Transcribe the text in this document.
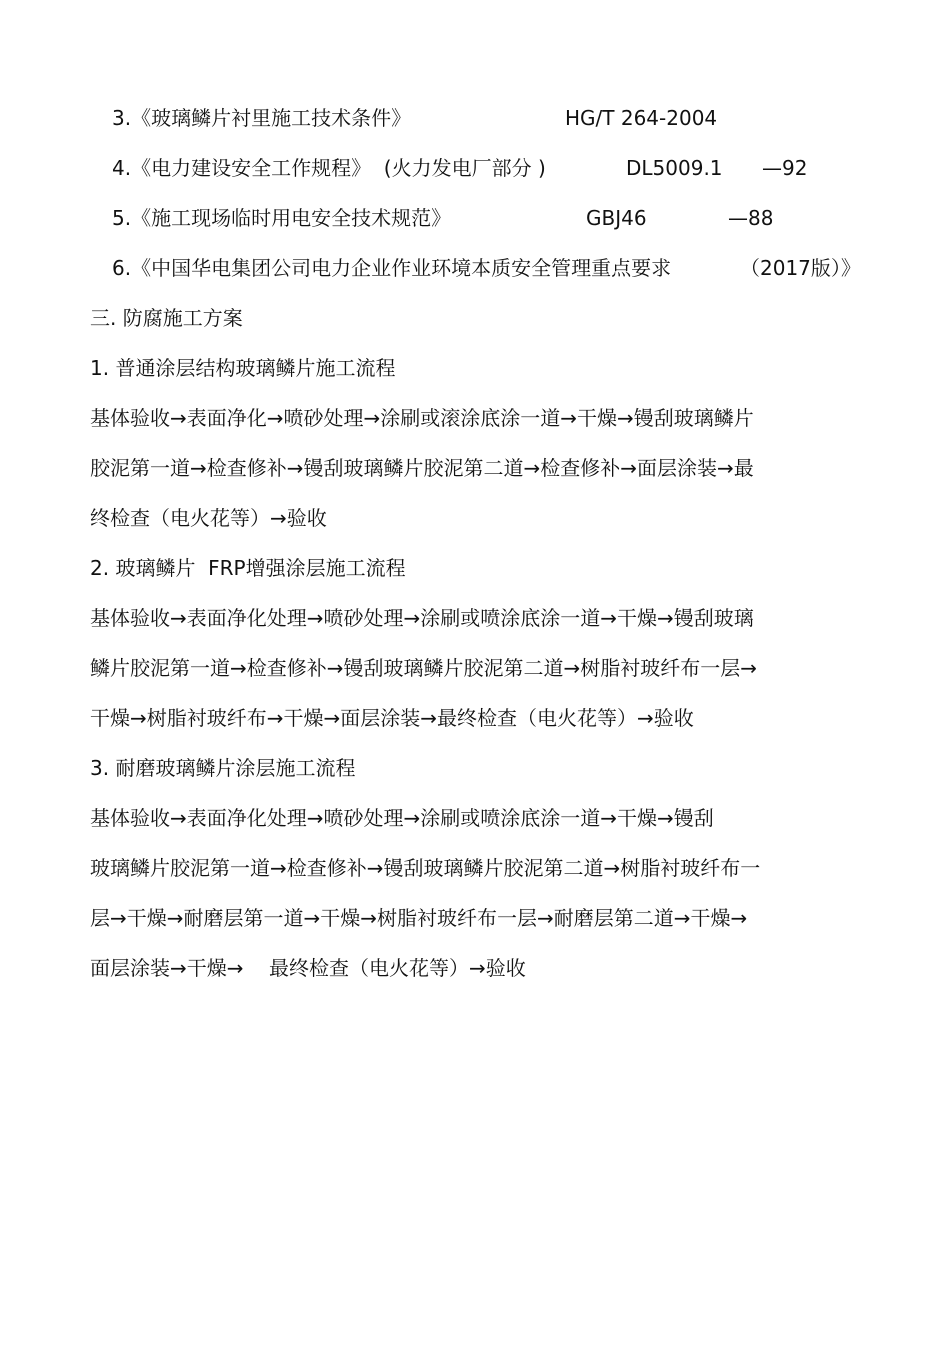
3.《玻璃鳞片衬里施工技术条件》	HG/T 264-2004
4.《电力建设安全工作规程》  (火力发电厂部分 )	DL5009.1 —92
5.《施工现场临时用电安全技术规范》	GBJ46	—88
6.《中国华电集团公司电力企业作业环境本质安全管理重点要求	（2017版）》
三. 防腐施工方案
1. 普通涂层结构玻璃鳞片施工流程
基体验收→表面净化→喷砂处理→涂刷或滚涂底涂一道→干燥→镘刮玻璃鳞片
胶泥第一道→检查修补→镘刮玻璃鳞片胶泥第二道→检查修补→面层涂装→最
终检查（电火花等）→验收
2. 玻璃鳞片  FRP增强涂层施工流程
基体验收→表面净化处理→喷砂处理→涂刷或喷涂底涂一道→干燥→镘刮玻璃
鳞片胶泥第一道→检查修补→镘刮玻璃鳞片胶泥第二道→树脂衬玻纤布一层→
干燥→树脂衬玻纤布→干燥→面层涂装→最终检查（电火花等）→验收
3. 耐磨玻璃鳞片涂层施工流程
基体验收→表面净化处理→喷砂处理→涂刷或喷涂底涂一道→干燥→镘刮
玻璃鳞片胶泥第一道→检查修补→镘刮玻璃鳞片胶泥第二道→树脂衬玻纤布一
层→干燥→耐磨层第一道→干燥→树脂衬玻纤布一层→耐磨层第二道→干燥→
面层涂装→干燥→    最终检查（电火花等）→验收
